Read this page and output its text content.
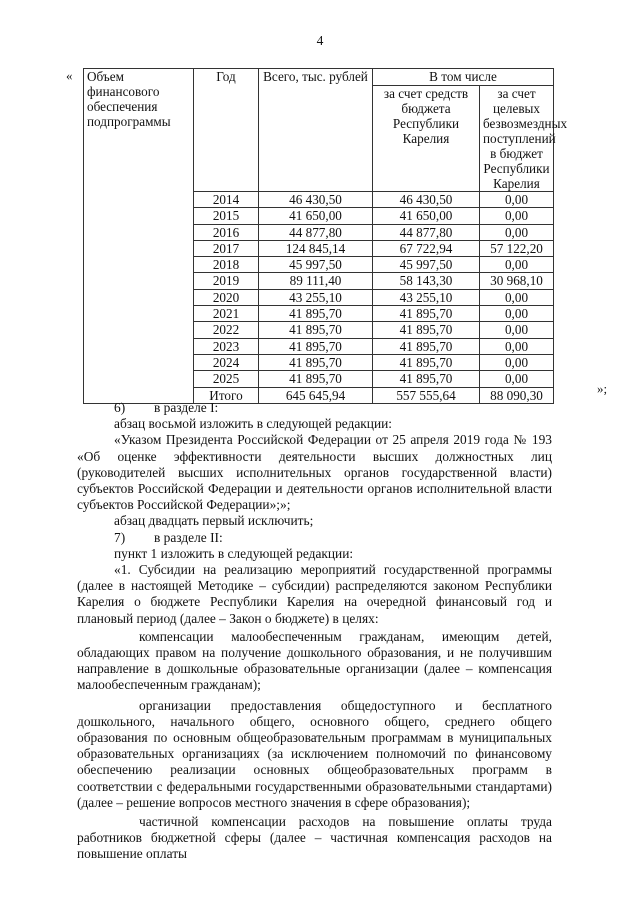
4
«
»;
Объем финансового обеспечения подпрограммы	Год	Всего, тыс. рублей	В том числе	
			за счет средств бюджета Республики Карелия	за счет целевых безвозмездных поступлений в бюджет Республики Карелия
	2014	46 430,50	46 430,50	0,00
	2015	41 650,00	41 650,00	0,00
	2016	44 877,80	44 877,80	0,00
	2017	124 845,14	67 722,94	57 122,20
	2018	45 997,50	45 997,50	0,00
	2019	89 111,40	58 143,30	30 968,10
	2020	43 255,10	43 255,10	0,00
	2021	41 895,70	41 895,70	0,00
	2022	41 895,70	41 895,70	0,00
	2023	41 895,70	41 895,70	0,00
	2024	41 895,70	41 895,70	0,00
	2025	41 895,70	41 895,70	0,00
	Итого	645 645,94	557 555,64	88 090,30

6) в разделе I:

абзац восьмой изложить в следующей редакции:

«Указом Президента Российской Федерации от 25 апреля 2019 года № 193 «Об оценке эффективности деятельности высших должностных лиц (руководителей высших исполнительных органов государственной власти) субъектов Российской Федерации и деятельности органов исполнительной власти субъектов Российской Федерации»;»;

абзац двадцать первый исключить;

7) в разделе II:

пункт 1 изложить в следующей редакции:

«1. Субсидии на реализацию мероприятий государственной программы (далее в настоящей Методике – субсидии) распределяются законом Республики Карелия о бюджете Республики Карелия на очередной финансовый год и плановый период (далее – Закон о бюджете) в целях:

компенсации малообеспеченным гражданам, имеющим детей, обладающих правом на получение дошкольного образования, и не получившим направление в дошкольные образовательные организации (далее – компенсация малообеспеченным гражданам);

организации предоставления общедоступного и бесплатного дошкольного, начального общего, основного общего, среднего общего образования по основным общеобразовательным программам в муниципальных образовательных организациях (за исключением полномочий по финансовому обеспечению реализации основных общеобразовательных программ в соответствии с федеральными государственными образовательными стандартами) (далее – решение вопросов местного значения в сфере образования);

частичной компенсации расходов на повышение оплаты труда работников бюджетной сферы (далее – частичная компенсация расходов на повышение оплаты
